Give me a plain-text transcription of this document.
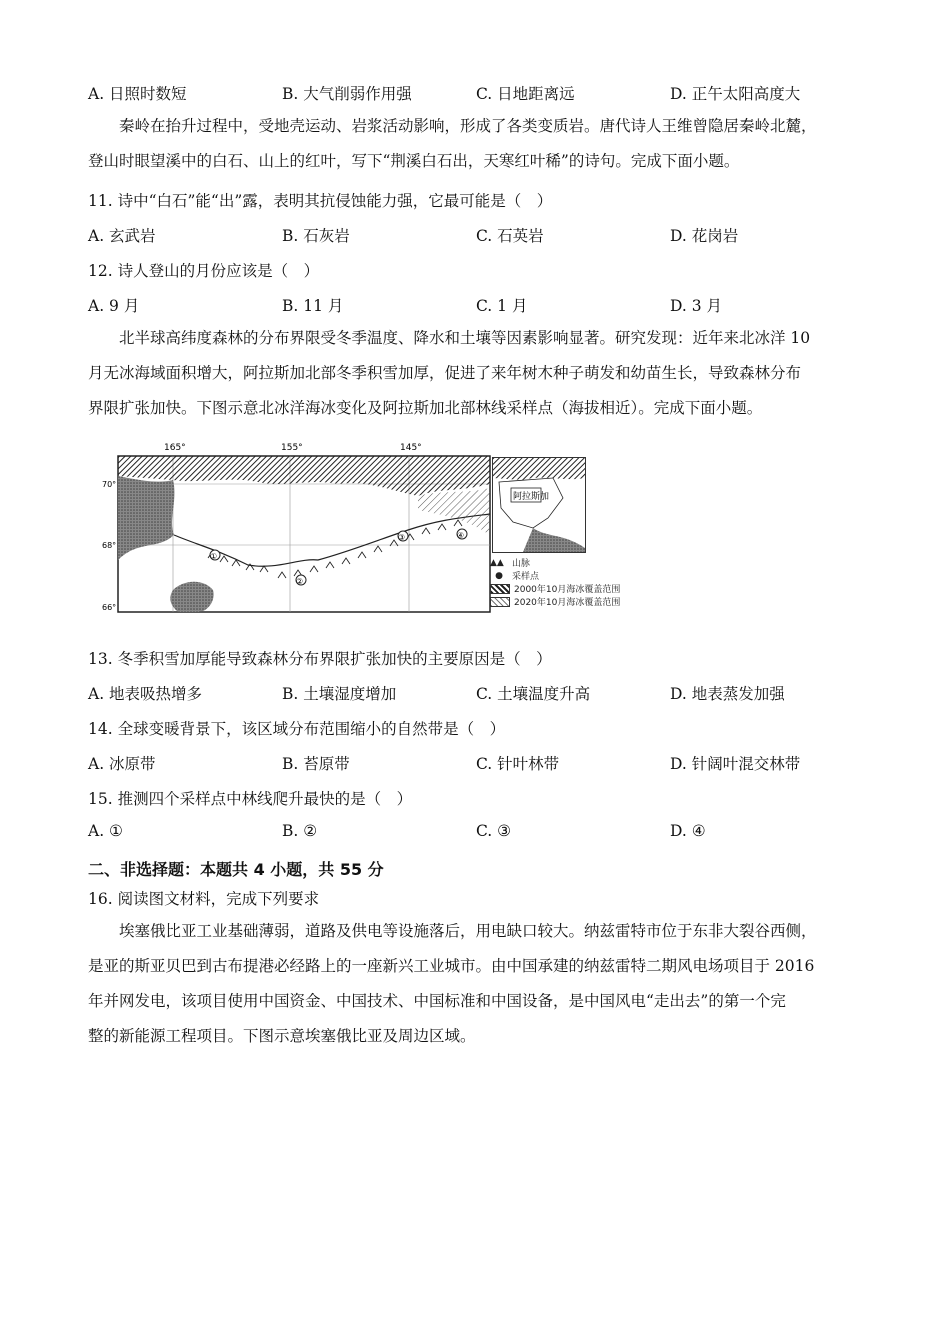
A. 日照时数短	B. 大气削弱作用强	C. 日地距离远	D. 正午太阳高度大
秦岭在抬升过程中，受地壳运动、岩浆活动影响，形成了各类变质岩。唐代诗人王维曾隐居秦岭北麓，
登山时眼望溪中的白石、山上的红叶，写下“荆溪白石出，天寒红叶稀”的诗句。完成下面小题。
11. 诗中“白石”能“出”露，表明其抗侵蚀能力强，它最可能是（　）
A. 玄武岩	B. 石灰岩	C. 石英岩	D. 花岗岩
12. 诗人登山的月份应该是（　）
A. 9 月	B. 11 月	C. 1 月	D. 3 月
北半球高纬度森林的分布界限受冬季温度、降水和土壤等因素影响显著。研究发现：近年来北冰洋 10
月无冰海域面积增大，阿拉斯加北部冬季积雪加厚，促进了来年树木种子萌发和幼苗生长，导致森林分布
界限扩张加快。下图示意北冰洋海冰变化及阿拉斯加北部林线采样点（海拔相近）。完成下面小题。
165°	155°	145°
70°
68°
66°
①
②
③	④
阿拉斯加
▲▲ 山脉
●	采样点
2000年10月海冰覆盖范围
2020年10月海冰覆盖范围
13. 冬季积雪加厚能导致森林分布界限扩张加快的主要原因是（　）
A. 地表吸热增多	B. 土壤湿度增加	C. 土壤温度升高	D. 地表蒸发加强
14. 全球变暖背景下，该区域分布范围缩小的自然带是（　）
A. 冰原带	B. 苔原带	C. 针叶林带	D. 针阔叶混交林带
15. 推测四个采样点中林线爬升最快的是（　）
A. ①	B. ②	C. ③	D. ④
二、非选择题：本题共 4 小题，共 55 分
16. 阅读图文材料，完成下列要求
埃塞俄比亚工业基础薄弱，道路及供电等设施落后，用电缺口较大。纳兹雷特市位于东非大裂谷西侧，
是亚的斯亚贝巴到古布提港必经路上的一座新兴工业城市。由中国承建的纳兹雷特二期风电场项目于 2016
年并网发电，该项目使用中国资金、中国技术、中国标准和中国设备，是中国风电“走出去”的第一个完
整的新能源工程项目。下图示意埃塞俄比亚及周边区域。
